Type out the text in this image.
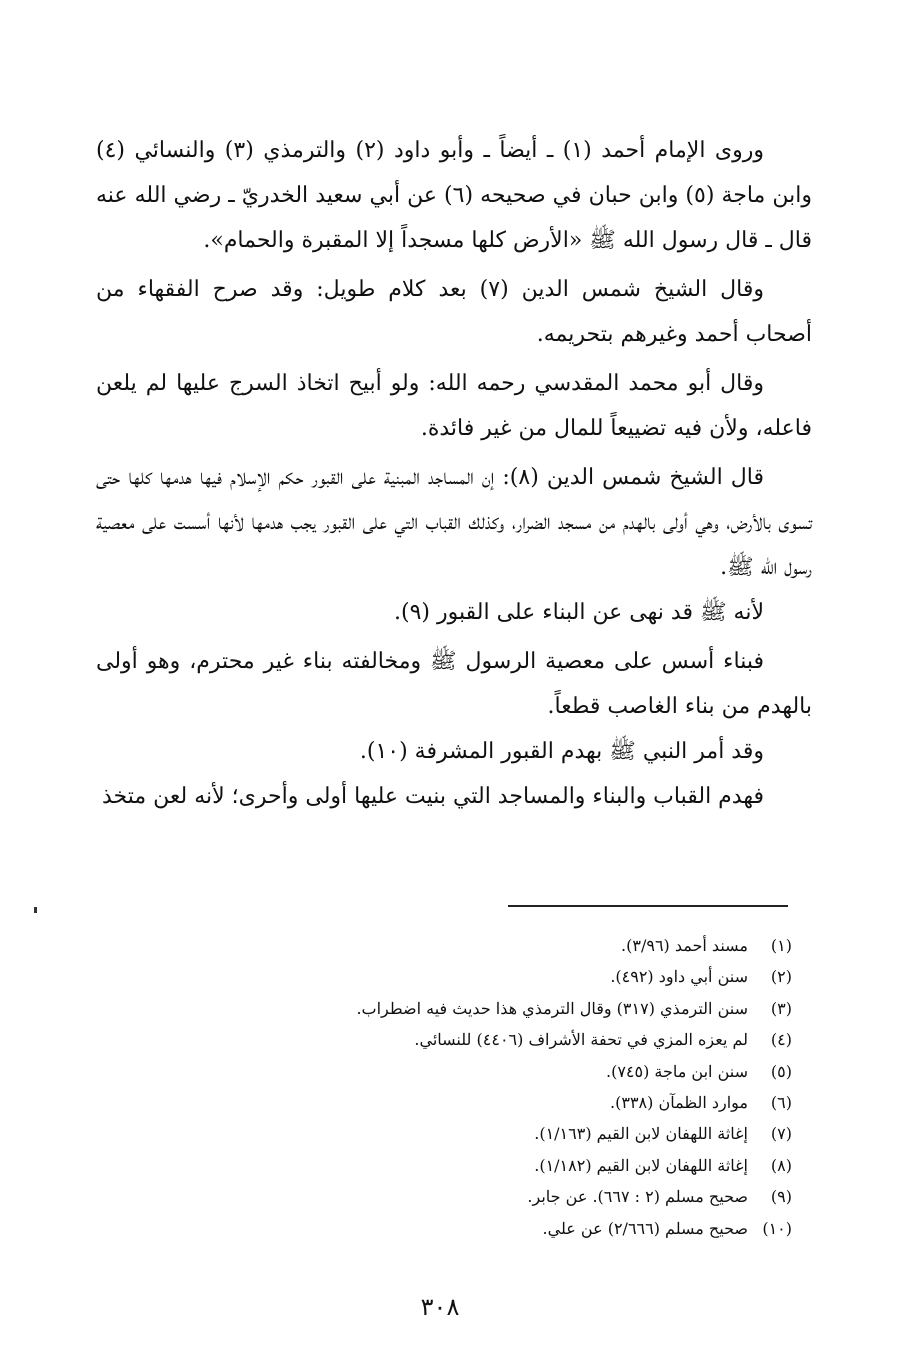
وروى الإمام أحمد (١) ـ أيضاً ـ وأبو داود (٢) والترمذي (٣) والنسائي (٤) وابن ماجة (٥) وابن حبان في صحيحه (٦) عن أبي سعيد الخدريّ ـ رضي الله عنه قال ـ قال رسول الله ﷺ «الأرض كلها مسجداً إلا المقبرة والحمام».

وقال الشيخ شمس الدين (٧) بعد كلام طويل: وقد صرح الفقهاء من أصحاب أحمد وغيرهم بتحريمه.

وقال أبو محمد المقدسي رحمه الله: ولو أبيح اتخاذ السرج عليها لم يلعن فاعله، ولأن فيه تضييعاً للمال من غير فائدة.

قال الشيخ شمس الدين (٨): إن المساجد المبنية على القبور حكم الإسلام فيها هدمها كلها حتى تسوى بالأرض، وهي أولى بالهدم من مسجد الضرار، وكذلك القباب التي على القبور يجب هدمها لأنها أسست على معصية رسول الله ﷺ.

لأنه ﷺ قد نهى عن البناء على القبور (٩).

فبناء أسس على معصية الرسول ﷺ ومخالفته بناء غير محترم، وهو أولى بالهدم من بناء الغاصب قطعاً.

وقد أمر النبي ﷺ بهدم القبور المشرفة (١٠).

فهدم القباب والبناء والمساجد التي بنيت عليها أولى وأحرى؛ لأنه لعن متخذ

(١)مسند أحمد (٣/٩٦).
(٢)سنن أبي داود (٤٩٢).
(٣)سنن الترمذي (٣١٧) وقال الترمذي هذا حديث فيه اضطراب.
(٤)لم يعزه المزي في تحفة الأشراف (٤٤٠٦) للنسائي.
(٥)سنن ابن ماجة (٧٤٥).
(٦)موارد الظمآن (٣٣٨).
(٧)إغاثة اللهفان لابن القيم (١/١٦٣).
(٨)إغاثة اللهفان لابن القيم (١/١٨٢).
(٩)صحيح مسلم (٢ : ٦٦٧). عن جابر.
(١٠)صحيح مسلم (٢/٦٦٦) عن علي.
٣٠٨
